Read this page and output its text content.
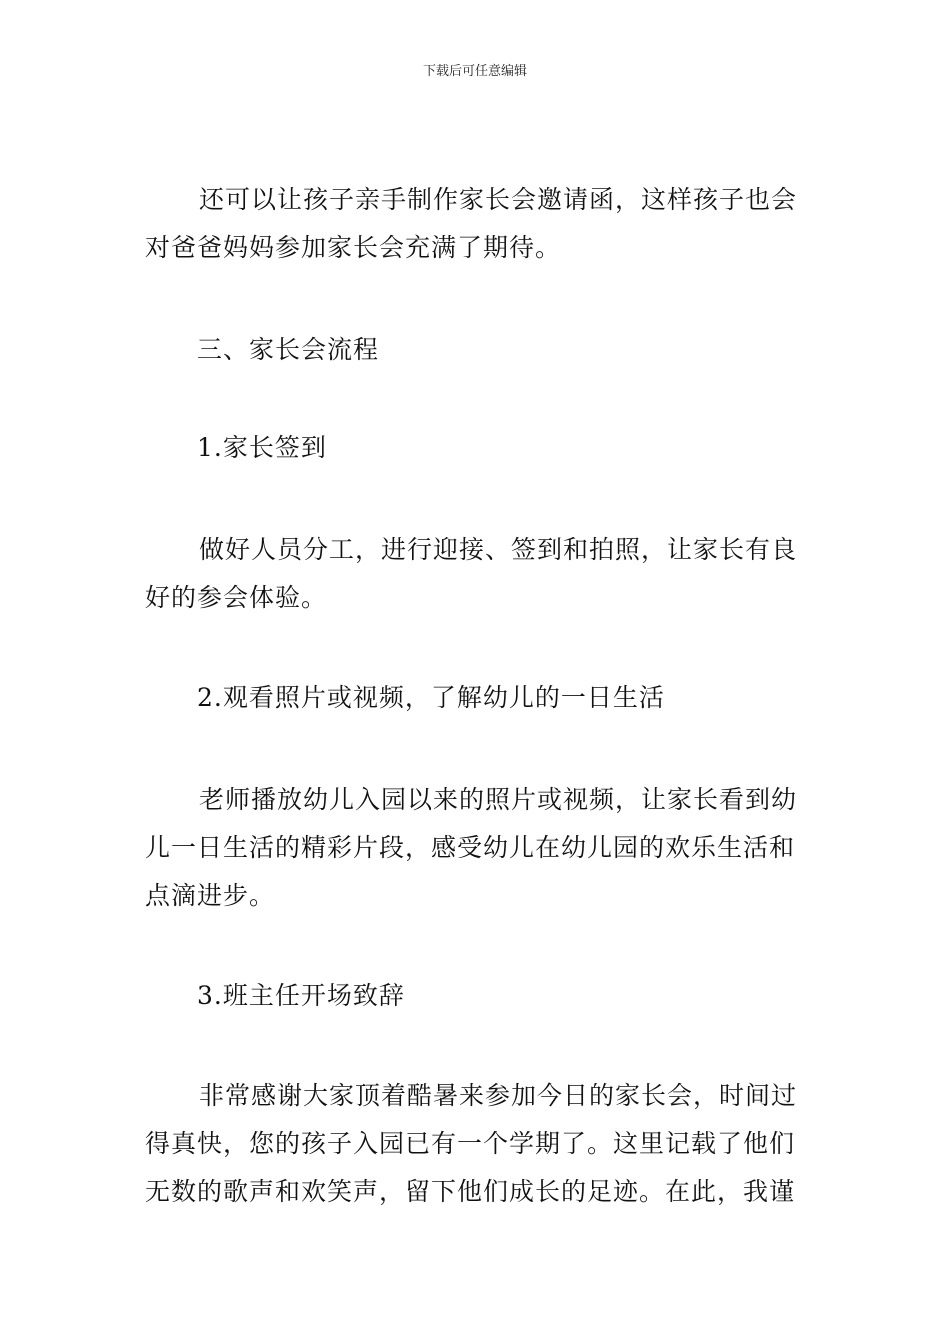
下载后可任意编辑

还可以让孩子亲手制作家长会邀请函，这样孩子也会对爸爸妈妈参加家长会充满了期待。

三、家长会流程

1.家长签到

做好人员分工，进行迎接、签到和拍照，让家长有良好的参会体验。

2.观看照片或视频，了解幼儿的一日生活

老师播放幼儿入园以来的照片或视频，让家长看到幼儿一日生活的精彩片段，感受幼儿在幼儿园的欢乐生活和点滴进步。

3.班主任开场致辞

非常感谢大家顶着酷暑来参加今日的家长会，时间过得真快，您的孩子入园已有一个学期了。这里记载了他们无数的歌声和欢笑声，留下他们成长的足迹。在此，我谨
